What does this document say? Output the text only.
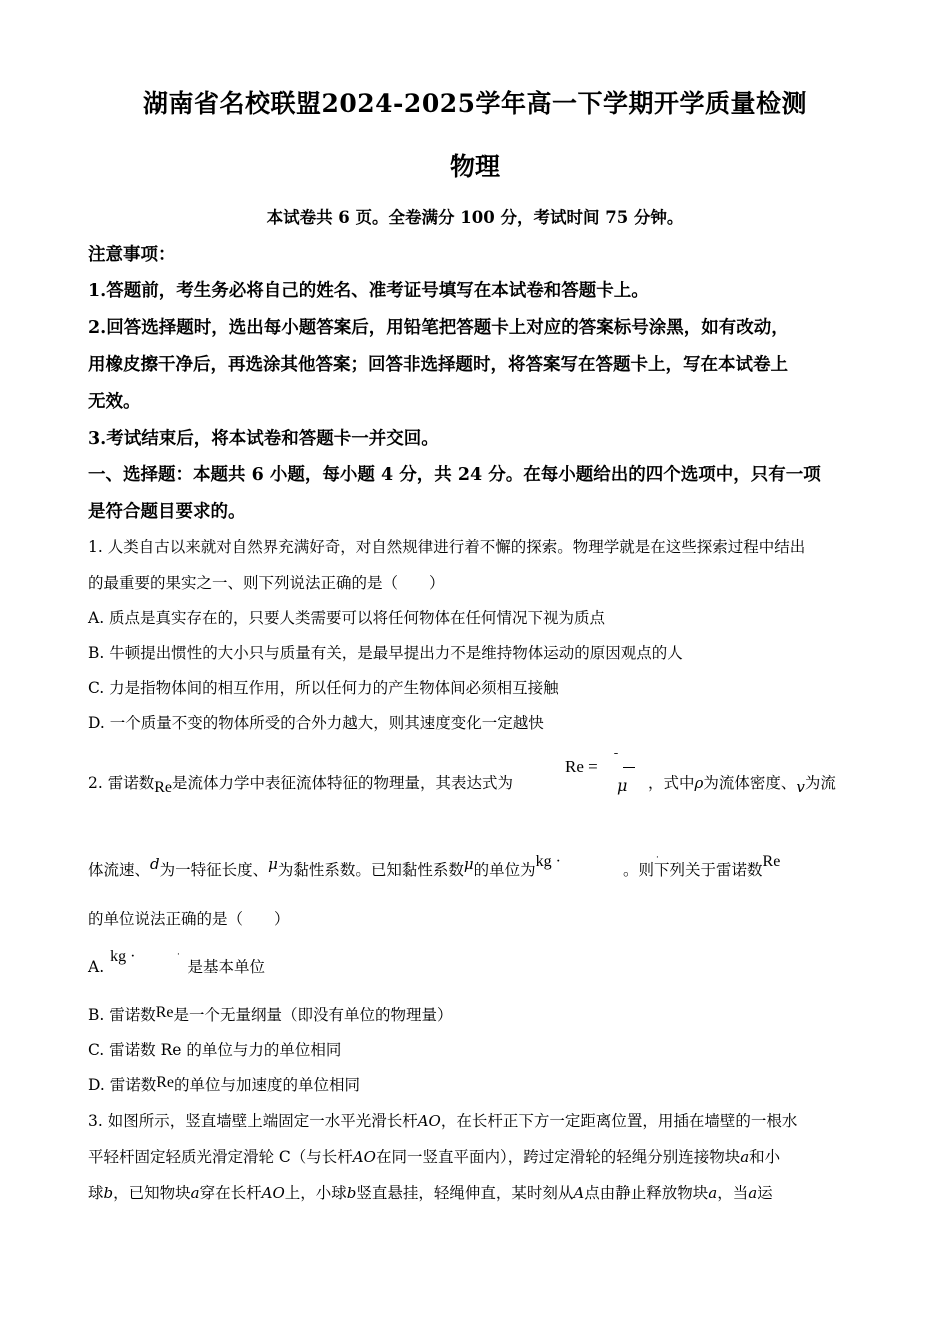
湖南省名校联盟2024-2025学年高一下学期开学质量检测
物理
本试卷共 6 页。全卷满分 100 分，考试时间 75 分钟。
注意事项：
1.答题前，考生务必将自己的姓名、准考证号填写在本试卷和答题卡上。
2.回答选择题时，选出每小题答案后，用铅笔把答题卡上对应的答案标号涂黑，如有改动，
用橡皮擦干净后，再选涂其他答案；回答非选择题时，将答案写在答题卡上，写在本试卷上
无效。
3.考试结束后，将本试卷和答题卡一并交回。
一、选择题：本题共 6 小题，每小题 4 分，共 24 分。在每小题给出的四个选项中，只有一项
是符合题目要求的。
1. 人类自古以来就对自然界充满好奇，对自然规律进行着不懈的探索。物理学就是在这些探索过程中结出
的最重要的果实之一、则下列说法正确的是（　　）
A. 质点是真实存在的，只要人类需要可以将任何物体在任何情况下视为质点
B. 牛顿提出惯性的大小只与质量有关，是最早提出力不是维持物体运动的原因观点的人
C. 力是指物体间的相互作用，所以任何力的产生物体间必须相互接触
D. 一个质量不变的物体所受的合外力越大，则其速度变化一定越快
2. 雷诺数Re是流体力学中表征流体特征的物理量，其表达式为
Re = ˉ
μ ，式中ρ为流体密度、v为流
体流速、d为一特征长度、μ为黏性系数。已知黏性系数μ的单位为kg ·	。则下列关于雷诺数Re
·
的单位说法正确的是（　　）
A.kg ·是基本单位
·
B. 雷诺数Re是一个无量纲量（即没有单位的物理量）
C. 雷诺数 Re 的单位与力的单位相同
D. 雷诺数Re的单位与加速度的单位相同
3. 如图所示，竖直墙壁上端固定一水平光滑长杆AO，在长杆正下方一定距离位置，用插在墙壁的一根水
平轻杆固定轻质光滑定滑轮 C（与长杆AO在同一竖直平面内），跨过定滑轮的轻绳分别连接物块a和小
球b，已知物块a穿在长杆AO上，小球b竖直悬挂，轻绳伸直，某时刻从A点由静止释放物块a，当a运
